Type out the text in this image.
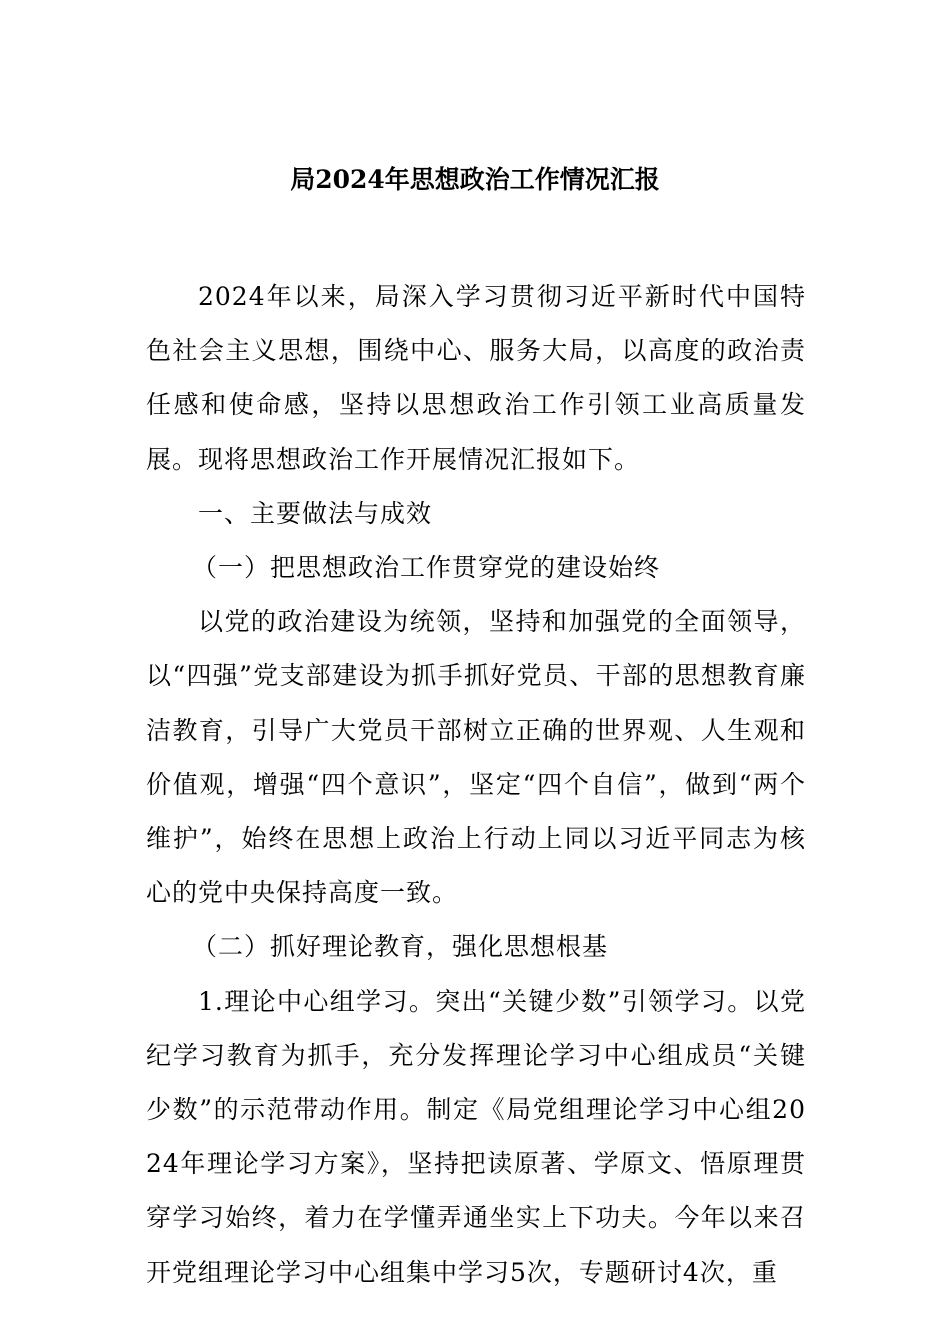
局2024年思想政治工作情况汇报

2024年以来，局深入学习贯彻习近平新时代中国特色社会主义思想，围绕中心、服务大局，以高度的政治责任感和使命感，坚持以思想政治工作引领工业高质量发展。现将思想政治工作开展情况汇报如下。

一、主要做法与成效

（一）把思想政治工作贯穿党的建设始终

以党的政治建设为统领，坚持和加强党的全面领导，以“四强”党支部建设为抓手抓好党员、干部的思想教育廉洁教育，引导广大党员干部树立正确的世界观、人生观和价值观，增强“四个意识”，坚定“四个自信”，做到“两个维护”，始终在思想上政治上行动上同以习近平同志为核心的党中央保持高度一致。

（二）抓好理论教育，强化思想根基

1.理论中心组学习。突出“关键少数”引领学习。以党纪学习教育为抓手，充分发挥理论学习中心组成员“关键少数”的示范带动作用。制定《局党组理论学习中心组2024年理论学习方案》，坚持把读原著、学原文、悟原理贯穿学习始终，着力在学懂弄通坐实上下功夫。今年以来召开党组理论学习中心组集中学习5次，专题研讨4次，重
